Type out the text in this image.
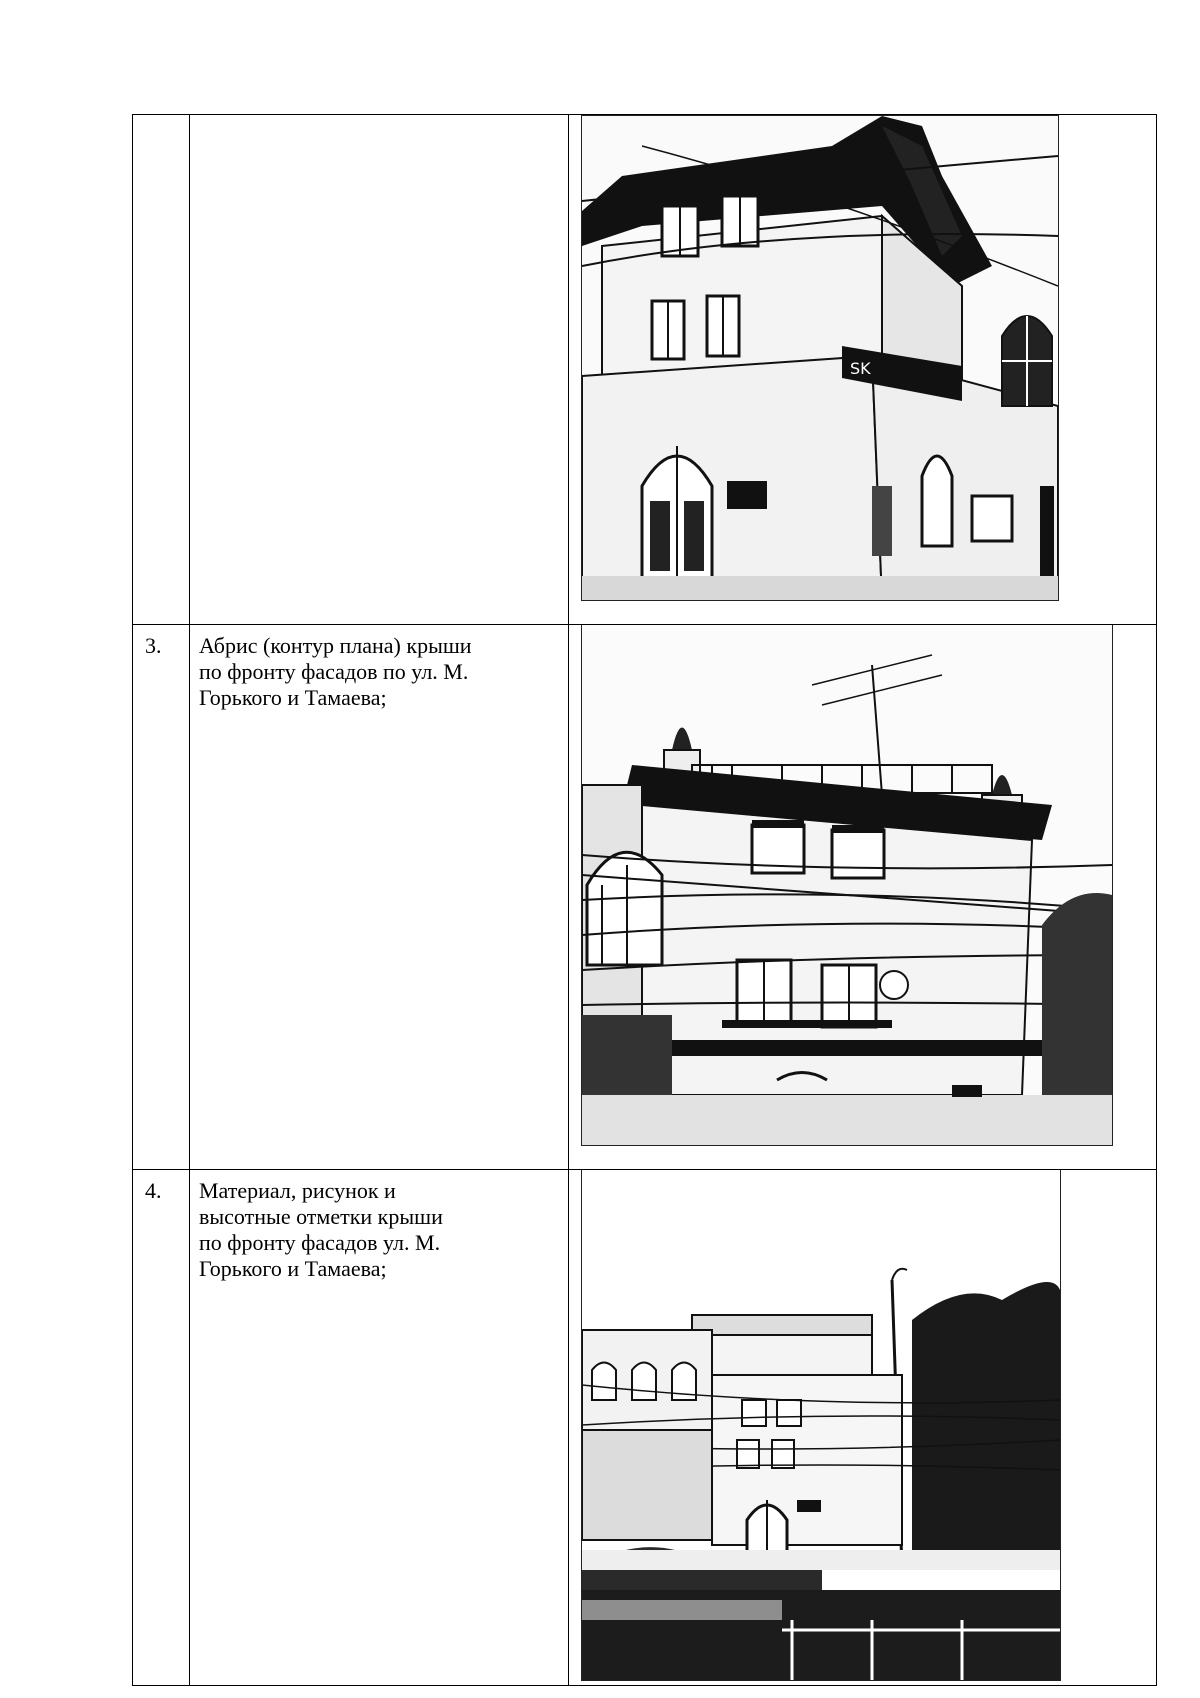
SK

3.	Абрис (контур плана) крыши
по фронту фасадов по ул. М.
Горького и Тамаева;

4.	Материал, рисунок и
высотные отметки крыши
по фронту фасадов ул. М.
Горького и Тамаева;
